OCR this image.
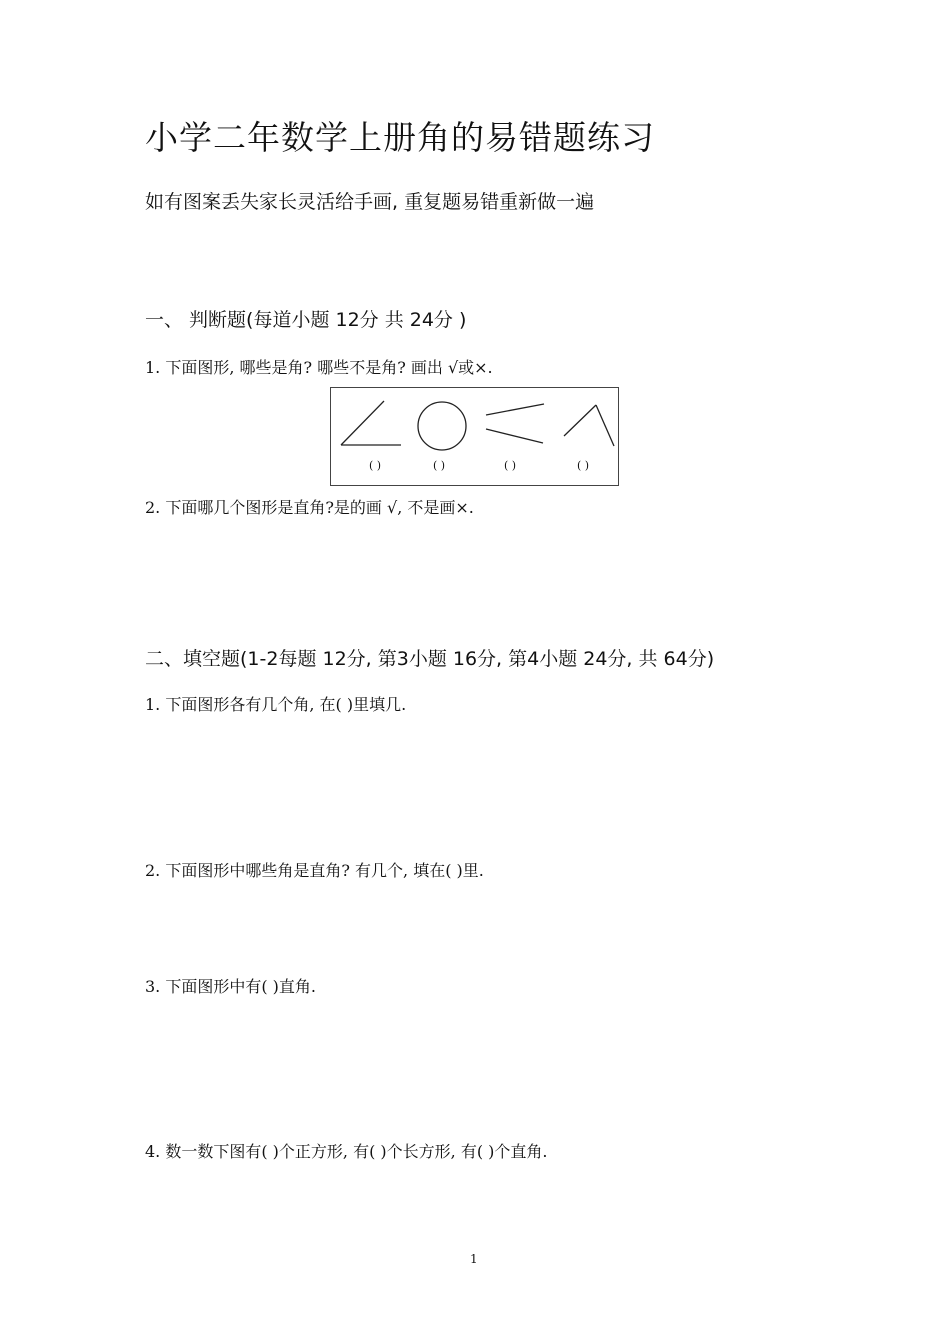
小学二年数学上册角的易错题练习
如有图案丢失家长灵活给手画, 重复题易错重新做一遍
一、 判断题(每道小题 12分 共 24分 )
1. 下面图形, 哪些是角? 哪些不是角? 画出 √或×.
( )	( )	( )	( )
2. 下面哪几个图形是直角?是的画 √, 不是画×.
二、填空题(1-2每题 12分, 第3小题 16分, 第4小题 24分, 共 64分)
1. 下面图形各有几个角, 在( )里填几.
2. 下面图形中哪些角是直角? 有几个, 填在( )里.
3. 下面图形中有( )直角.
4. 数一数下图有( )个正方形, 有( )个长方形, 有( )个直角.
1
